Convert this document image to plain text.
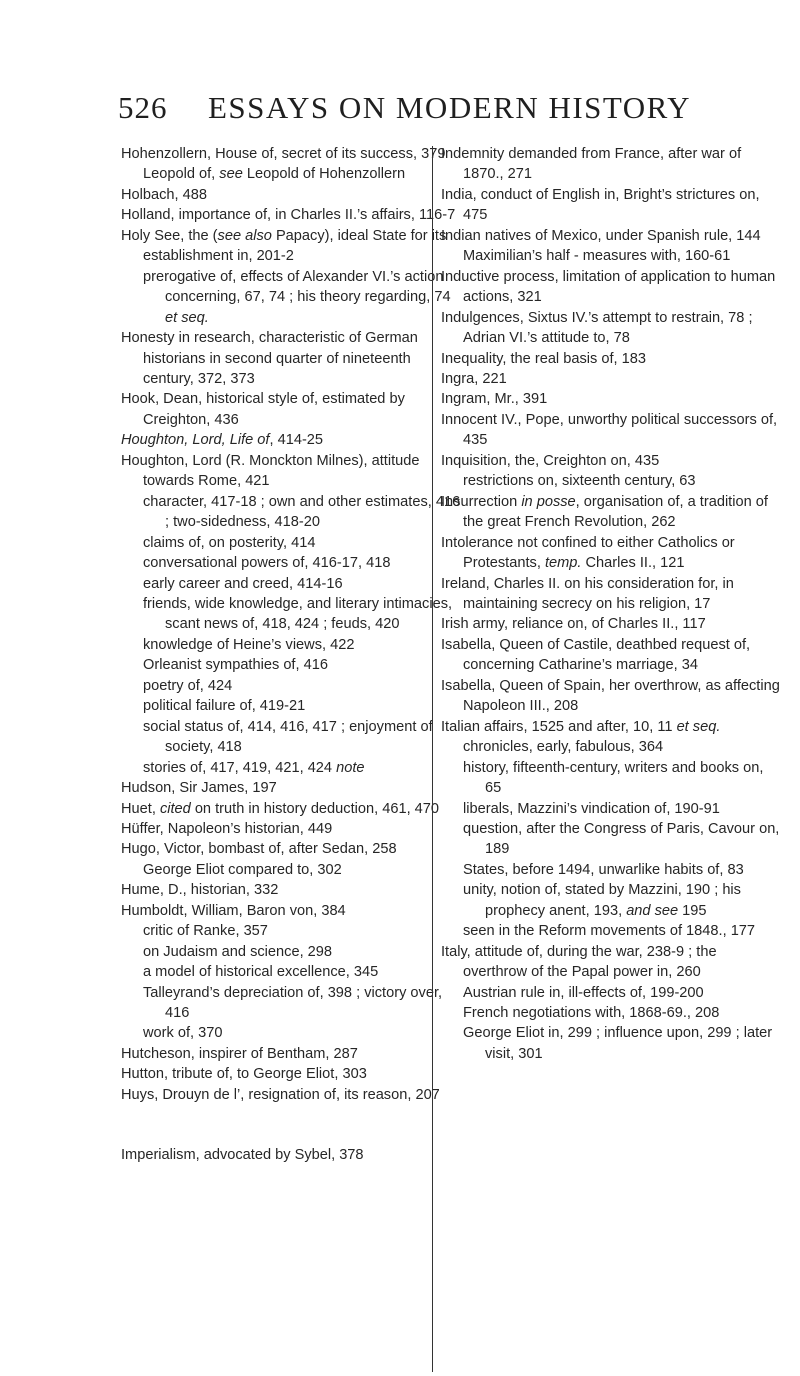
526	ESSAYS ON MODERN HISTORY
Hohenzollern, House of, secret of its success, 379
Leopold of, see Leopold of Hohenzollern
Holbach, 488
Holland, importance of, in Charles II.’s affairs, 116-7
Holy See, the (see also Papacy), ideal State for its establishment in, 201-2
prerogative of, effects of Alexander VI.’s action concerning, 67, 74 ; his theory regarding, 74 et seq.
Honesty in research, characteristic of German historians in second quarter of nineteenth century, 372, 373
Hook, Dean, historical style of, estimated by Creighton, 436
Houghton, Lord, Life of, 414-25
Houghton, Lord (R. Monckton Milnes), attitude towards Rome, 421
character, 417-18 ; own and other estimates, 416 ; two-sidedness, 418-20
claims of, on posterity, 414
conversational powers of, 416-17, 418
early career and creed, 414-16
friends, wide knowledge, and literary intimacies, scant news of, 418, 424 ; feuds, 420
knowledge of Heine’s views, 422
Orleanist sympathies of, 416
poetry of, 424
political failure of, 419-21
social status of, 414, 416, 417 ; enjoyment of society, 418
stories of, 417, 419, 421, 424 note
Hudson, Sir James, 197
Huet, cited on truth in history deduction, 461, 470
Hüffer, Napoleon’s historian, 449
Hugo, Victor, bombast of, after Sedan, 258
George Eliot compared to, 302
Hume, D., historian, 332
Humboldt, William, Baron von, 384
critic of Ranke, 357
on Judaism and science, 298
a model of historical excellence, 345
Talleyrand’s depreciation of, 398 ; victory over, 416
work of, 370
Hutcheson, inspirer of Bentham, 287
Hutton, tribute of, to George Eliot, 303
Huys, Drouyn de l’, resignation of, its reason, 207
Imperialism, advocated by Sybel, 378
Indemnity demanded from France, after war of 1870., 271
India, conduct of English in, Bright’s strictures on, 475
Indian natives of Mexico, under Spanish rule, 144
Maximilian’s half - measures with, 160-61
Inductive process, limitation of application to human actions, 321
Indulgences, Sixtus IV.’s attempt to restrain, 78 ; Adrian VI.’s attitude to, 78
Inequality, the real basis of, 183
Ingra, 221
Ingram, Mr., 391
Innocent IV., Pope, unworthy political successors of, 435
Inquisition, the, Creighton on, 435
restrictions on, sixteenth century, 63
Insurrection in posse, organisation of, a tradition of the great French Revolution, 262
Intolerance not confined to either Catholics or Protestants, temp. Charles II., 121
Ireland, Charles II. on his consideration for, in maintaining secrecy on his religion, 17
Irish army, reliance on, of Charles II., 117
Isabella, Queen of Castile, deathbed request of, concerning Catharine’s marriage, 34
Isabella, Queen of Spain, her overthrow, as affecting Napoleon III., 208
Italian affairs, 1525 and after, 10, 11 et seq.
chronicles, early, fabulous, 364
history, fifteenth-century, writers and books on, 65
liberals, Mazzini’s vindication of, 190-91
question, after the Congress of Paris, Cavour on, 189
States, before 1494, unwarlike habits of, 83
unity, notion of, stated by Mazzini, 190 ; his prophecy anent, 193, and see 195
seen in the Reform movements of 1848., 177
Italy, attitude of, during the war, 238-9 ; the overthrow of the Papal power in, 260
Austrian rule in, ill-effects of, 199-200
French negotiations with, 1868-69., 208
George Eliot in, 299 ; influence upon, 299 ; later visit, 301
